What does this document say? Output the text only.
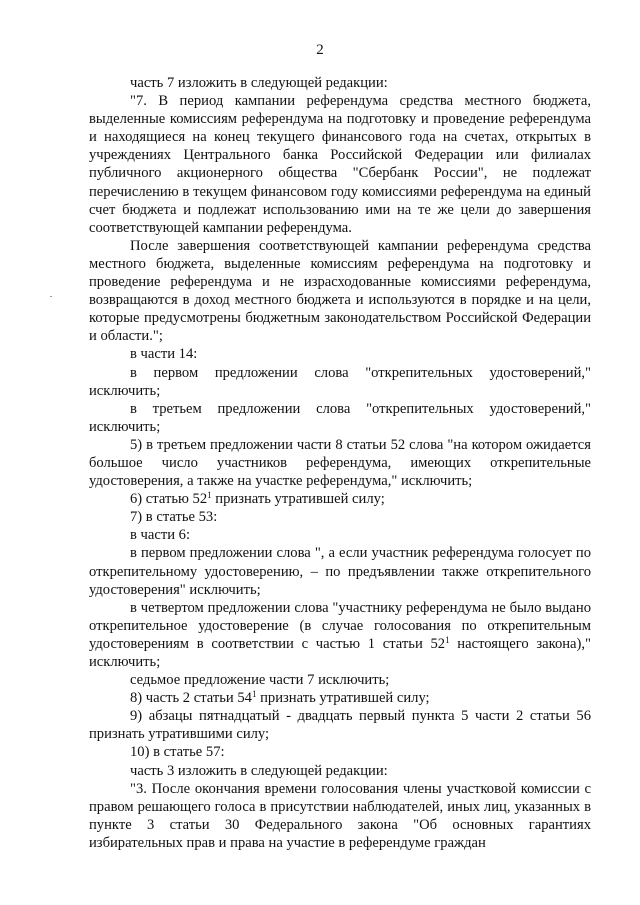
2

часть 7 изложить в следующей редакции:

"7. В период кампании референдума средства местного бюджета, выделенные комиссиям референдума на подготовку и проведение референдума и находящиеся на конец текущего финансового года на счетах, открытых в учреждениях Центрального банка Российской Федерации или филиалах публичного акционерного общества "Сбербанк России", не подлежат перечислению в текущем финансовом году комиссиями референдума на единый счет бюджета и подлежат использованию ими на те же цели до завершения соответствующей кампании референдума.

После завершения соответствующей кампании референдума средства местного бюджета, выделенные комиссиям референдума на подготовку и проведение референдума и не израсходованные комиссиями референдума, возвращаются в доход местного бюджета и используются в порядке и на цели, которые предусмотрены бюджетным законодательством Российской Федерации и области.";

в части 14:

в первом предложении слова "открепительных удостоверений," исключить;

в третьем предложении слова "открепительных удостоверений," исключить;

5) в третьем предложении части 8 статьи 52 слова "на котором ожидается большое число участников референдума, имеющих открепительные удостоверения, а также на участке референдума," исключить;

6) статью $52^1$ признать утратившей силу;

7) в статье 53:

в части 6:

в первом предложении слова ", а если участник референдума голосует по открепительному удостоверению, – по предъявлении также открепительного удостоверения" исключить;

в четвертом предложении слова "участнику референдума не было выдано открепительное удостоверение (в случае голосования по открепительным удостоверениям в соответствии с частью 1 статьи $52^1$ настоящего закона)," исключить;

седьмое предложение части 7 исключить;

8) часть 2 статьи $54^1$ признать утратившей силу;

9) абзацы пятнадцатый - двадцать первый пункта 5 части 2 статьи 56 признать утратившими силу;

10) в статье 57:

часть 3 изложить в следующей редакции:

"3. После окончания времени голосования члены участковой комиссии с правом решающего голоса в присутствии наблюдателей, иных лиц, указанных в пункте 3 статьи 30 Федерального закона "Об основных гарантиях избирательных прав и права на участие в референдуме граждан
